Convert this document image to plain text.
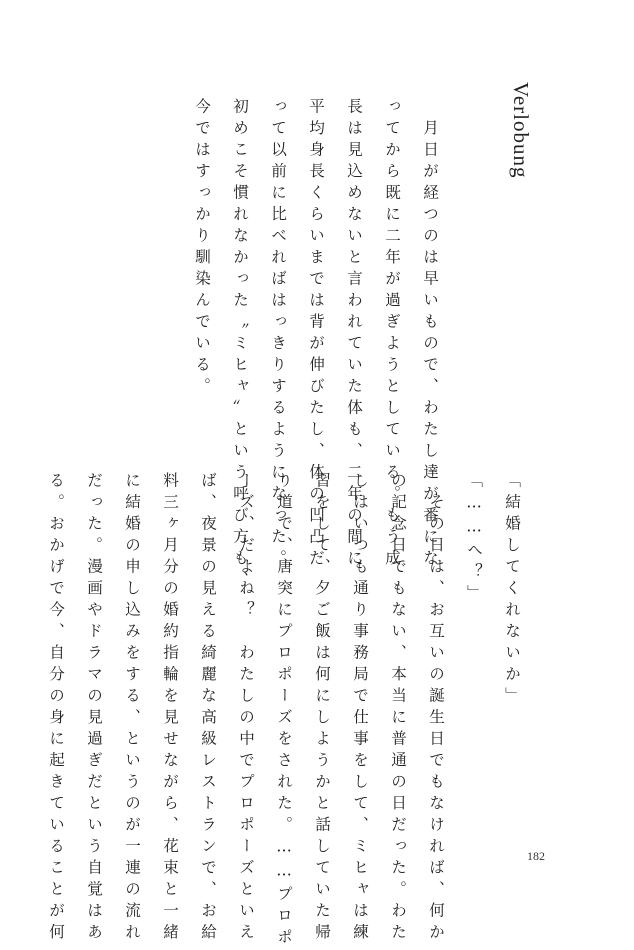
Verlobung
　月日が経つのは早いもので、わたし達が番にな
ってから既に二年が過ぎようとしている。もう成
長は見込めないと言われていた体も、二年の間に
平均身長くらいまでは背が伸びたし、体の凹凸だ
って以前に比べればはっきりするようになった。
初めこそ慣れなかった〝ミヒャ〟という呼び方も、
今ではすっかり馴染んでいる。
「結婚してくれないか」
「……へ？」
　その日は、お互いの誕生日でもなければ、何か
の記念日でもない、本当に普通の日だった。わた
しはいつも通り事務局で仕事をして、ミヒャは練
習をして、夕ご飯は何にしようかと話していた帰
り道で、唐突にプロポーズをされた。……プロポ
ーズ、だよね？　わたしの中でプロポーズといえ
ば、夜景の見える綺麗な高級レストランで、お給
料三ヶ月分の婚約指輪を見せながら、花束と一緒
に結婚の申し込みをする、というのが一連の流れ
だった。漫画やドラマの見過ぎだという自覚はあ
る。おかげで今、自分の身に起きていることが何	182
